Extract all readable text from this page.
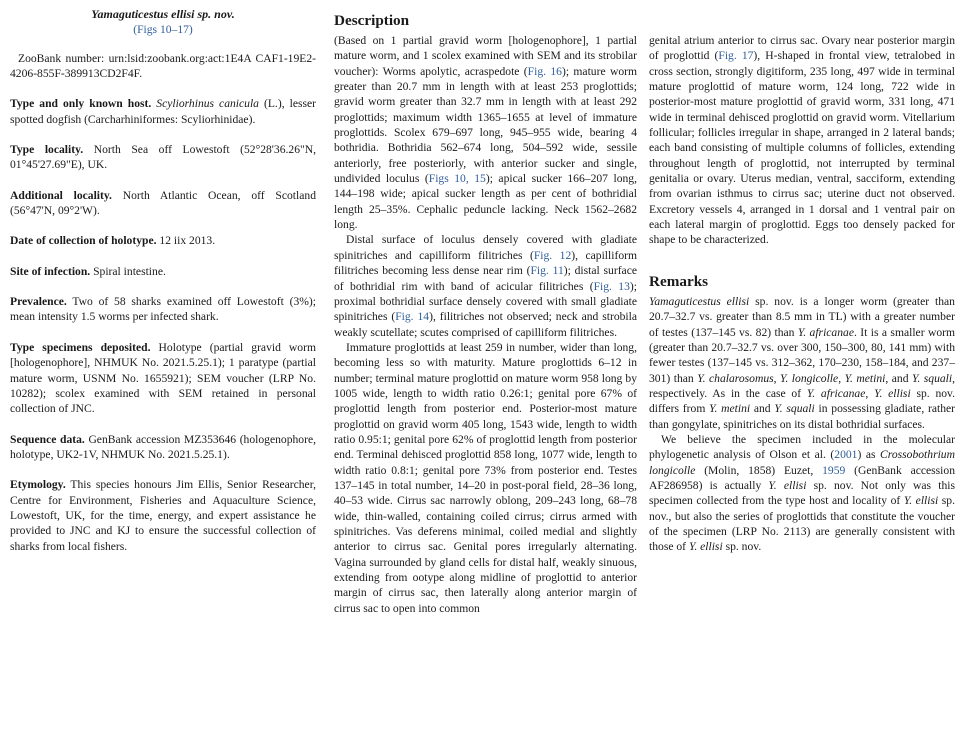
Yamaguticestus ellisi sp. nov.

(Figs 10–17)

ZooBank number: urn:lsid:zoobank.org:act:1E4A CAF1-19E2-4206-855F-389913CD2F4F.

Type and only known host. Scyliorhinus canicula (L.), lesser spotted dogfish (Carcharhiniformes: Scyliorhinidae).

Type locality. North Sea off Lowestoft (52°28'36.26"N, 01°45'27.69"E), UK.

Additional locality. North Atlantic Ocean, off Scotland (56°47'N, 09°2'W).

Date of collection of holotype. 12 iix 2013.

Site of infection. Spiral intestine.

Prevalence. Two of 58 sharks examined off Lowestoft (3%); mean intensity 1.5 worms per infected shark.

Type specimens deposited. Holotype (partial gravid worm [hologenophore], NHMUK No. 2021.5.25.1); 1 paratype (partial mature worm, USNM No. 1655921); SEM voucher (LRP No. 10282); scolex examined with SEM retained in personal collection of JNC.

Sequence data. GenBank accession MZ353646 (hologenophore, holotype, UK2-1V, NHMUK No. 2021.5.25.1).

Etymology. This species honours Jim Ellis, Senior Researcher, Centre for Environment, Fisheries and Aquaculture Science, Lowestoft, UK, for the time, energy, and expert assistance he provided to JNC and KJ to ensure the successful collection of sharks from local fishers.

Description

(Based on 1 partial gravid worm [hologenophore], 1 partial mature worm, and 1 scolex examined with SEM and its strobilar voucher): Worms apolytic, acraspedote (Fig. 16); mature worm greater than 20.7 mm in length with at least 253 proglottids; gravid worm greater than 32.7 mm in length with at least 292 proglottids; maximum width 1365–1655 at level of immature proglottids. Scolex 679–697 long, 945–955 wide, bearing 4 bothridia. Bothridia 562–674 long, 504–592 wide, sessile anteriorly, free posteriorly, with anterior sucker and single, undivided loculus (Figs 10, 15); apical sucker 166–207 long, 144–198 wide; apical sucker length as per cent of bothridial length 25–35%. Cephalic peduncle lacking. Neck 1562–2682 long.

Distal surface of loculus densely covered with gladiate spinitriches and capilliform filitriches (Fig. 12), capilliform filitriches becoming less dense near rim (Fig. 11); distal surface of bothridial rim with band of acicular filitriches (Fig. 13); proximal bothridial surface densely covered with small gladiate spinitriches (Fig. 14), filitriches not observed; neck and strobila weakly scutellate; scutes comprised of capilliform filitriches.

Immature proglottids at least 259 in number, wider than long, becoming less so with maturity. Mature proglottids 6–12 in number; terminal mature proglottid on mature worm 958 long by 1005 wide, length to width ratio 0.26:1; genital pore 67% of proglottid length from posterior end. Posterior-most mature proglottid on gravid worm 405 long, 1543 wide, length to width ratio 0.95:1; genital pore 62% of proglottid length from posterior end. Terminal dehisced proglottid 858 long, 1077 wide, length to width ratio 0.8:1; genital pore 73% from posterior end. Testes 137–145 in total number, 14–20 in post-poral field, 28–36 long, 40–53 wide. Cirrus sac narrowly oblong, 209–243 long, 68–78 wide, thin-walled, containing coiled cirrus; cirrus armed with spinitriches. Vas deferens minimal, coiled medial and slightly anterior to cirrus sac. Genital pores irregularly alternating. Vagina surrounded by gland cells for distal half, weakly sinuous, extending from ootype along midline of proglottid to anterior margin of cirrus sac, then laterally along anterior margin of cirrus sac to open into common

genital atrium anterior to cirrus sac. Ovary near posterior margin of proglottid (Fig. 17), H-shaped in frontal view, tetralobed in cross section, strongly digitiform, 235 long, 497 wide in terminal mature proglottid of mature worm, 124 long, 722 wide in posterior-most mature proglottid of gravid worm, 331 long, 471 wide in terminal dehisced proglottid on gravid worm. Vitellarium follicular; follicles irregular in shape, arranged in 2 lateral bands; each band consisting of multiple columns of follicles, extending throughout length of proglottid, not interrupted by terminal genitalia or ovary. Uterus median, ventral, sacciform, extending from ovarian isthmus to cirrus sac; uterine duct not observed. Excretory vessels 4, arranged in 1 dorsal and 1 ventral pair on each lateral margin of proglottid. Eggs too densely packed for shape to be characterized.

Remarks

Yamaguticestus ellisi sp. nov. is a longer worm (greater than 20.7–32.7 vs. greater than 8.5 mm in TL) with a greater number of testes (137–145 vs. 82) than Y. africanae. It is a smaller worm (greater than 20.7–32.7 vs. over 300, 150–300, 80, 141 mm) with fewer testes (137–145 vs. 312–362, 170–230, 158–184, and 237–301) than Y. chalarosomus, Y. longicolle, Y. metini, and Y. squali, respectively. As in the case of Y. africanae, Y. ellisi sp. nov. differs from Y. metini and Y. squali in possessing gladiate, rather than gongylate, spinitriches on its distal bothridial surfaces.

We believe the specimen included in the molecular phylogenetic analysis of Olson et al. (2001) as Crossobothrium longicolle (Molin, 1858) Euzet, 1959 (GenBank accession AF286958) is actually Y. ellisi sp. nov. Not only was this specimen collected from the type host and locality of Y. ellisi sp. nov., but also the series of proglottids that constitute the voucher of the specimen (LRP No. 2113) are generally consistent with those of Y. ellisi sp. nov.
